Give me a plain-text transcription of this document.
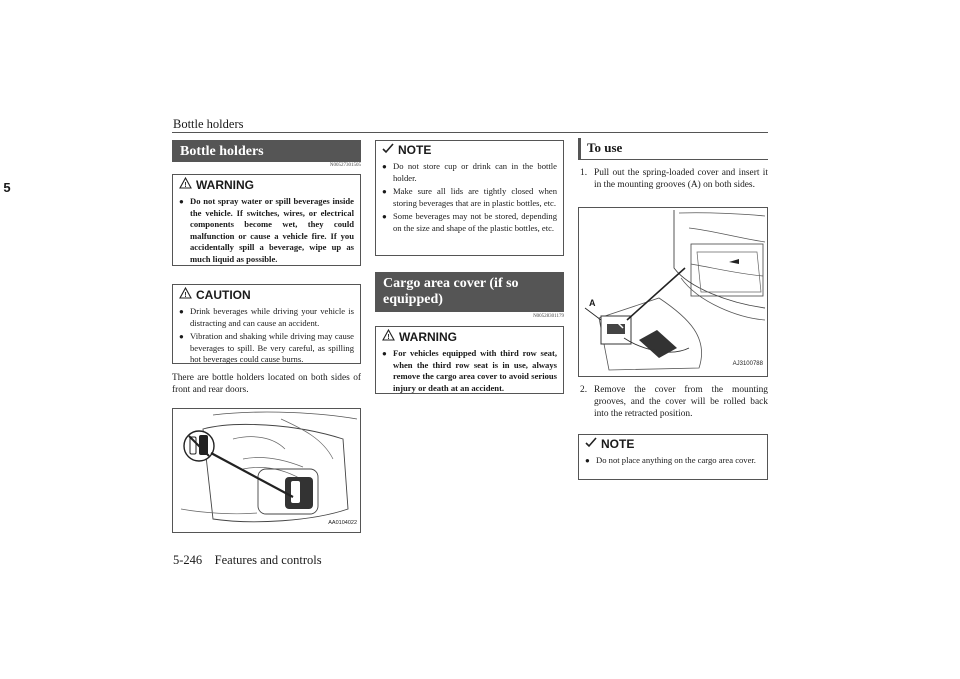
Bottle holders
5
Bottle holders
N00527301505
! WARNING
● Do not spray water or spill beverages inside the vehicle. If switches, wires, or electrical components become wet, they could malfunction or cause a vehicle fire. If you accidentally spill a beverage, wipe up as much liquid as possible.
! CAUTION
● Drink beverages while driving your vehicle is distracting and can cause an accident.
● Vibration and shaking while driving may cause beverages to spill. Be very careful, as spilling hot beverages could cause burns.
There are bottle holders located on both sides of front and rear doors.
AA0104022
NOTE
● Do not store cup or drink can in the bottle holder.
● Make sure all lids are tightly closed when storing beverages that are in plastic bottles, etc.
● Some beverages may not be stored, depending on the size and shape of the plastic bottles, etc.
Cargo area cover (if so equipped)
N00528301179
! WARNING
● For vehicles equipped with third row seat, when the third row seat is in use, always remove the cargo area cover to avoid serious injury or death at an accident.
To use
1. Pull out the spring-loaded cover and insert it in the mounting grooves (A) on both sides.
A
AJ3100788
2. Remove the cover from the mounting grooves, and the cover will be rolled back into the retracted position.
NOTE
● Do not place anything on the cargo area cover.
5-246    Features and controls
